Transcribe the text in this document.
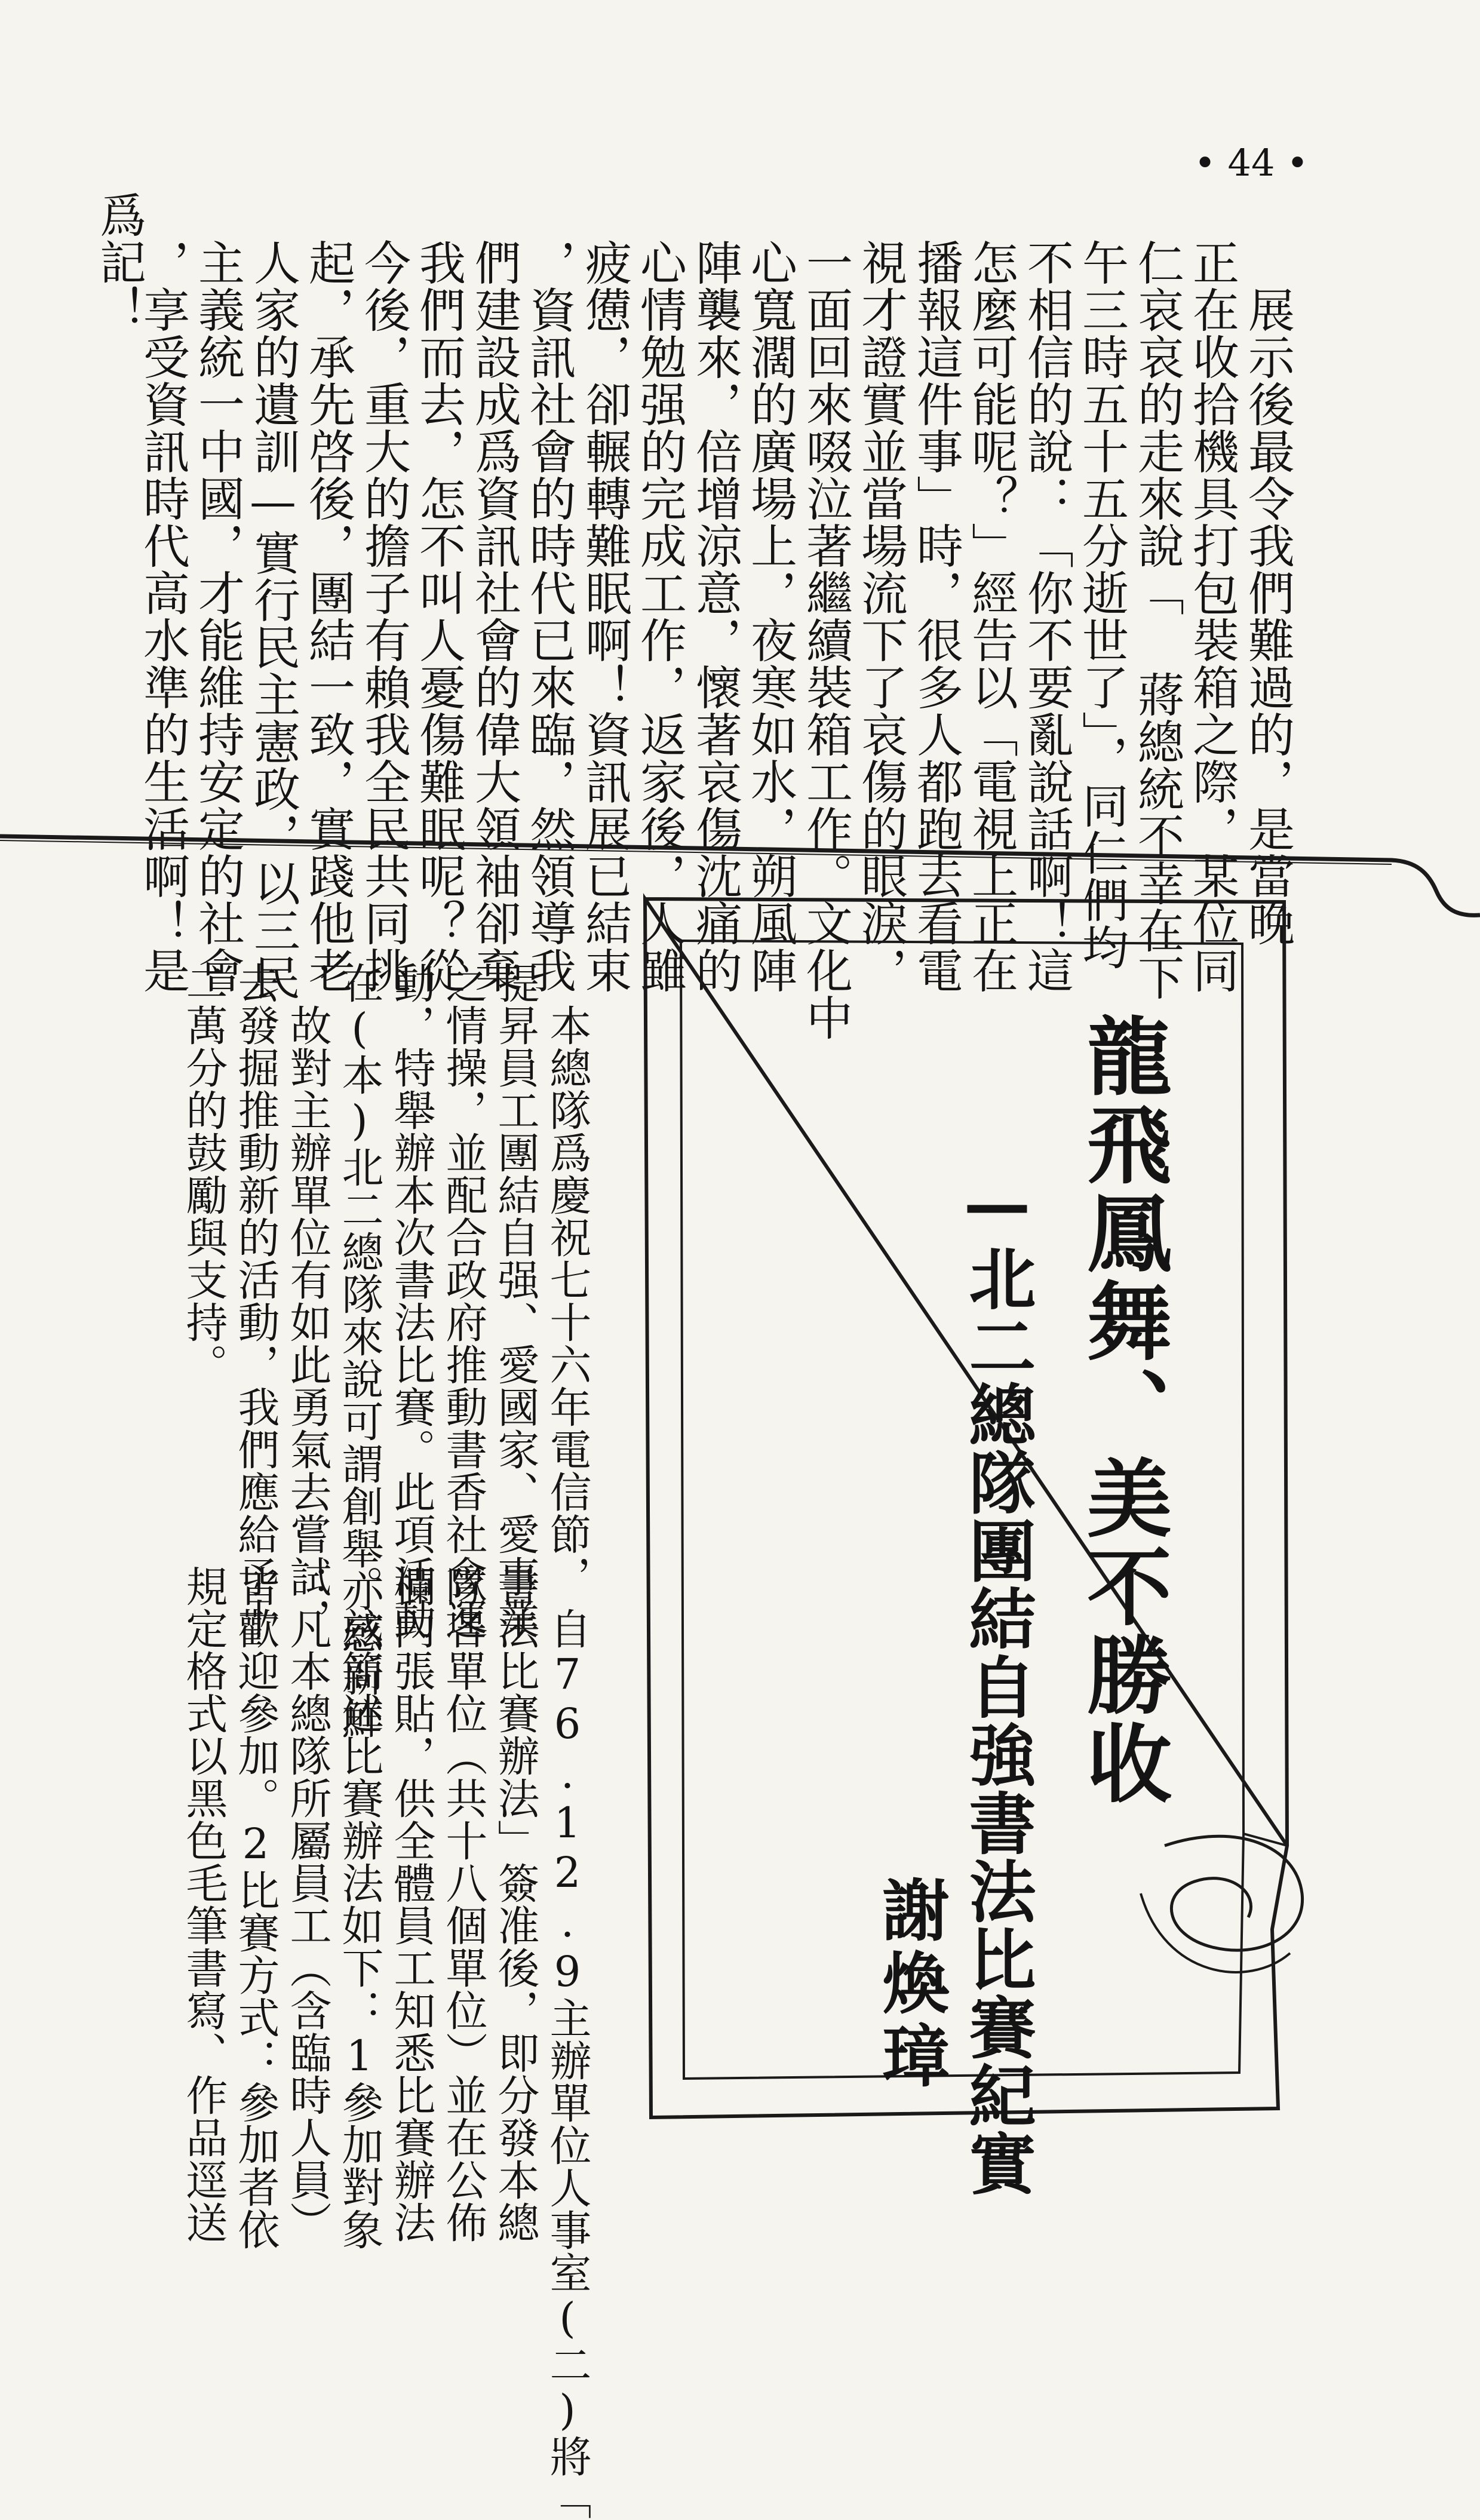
• 44 •
　展示後最令我們難過的，是當晚
正在收拾機具打包裝箱之際，某位同
仁哀哀的走來說「 蔣總統不幸在下
午三時五十五分逝世了」，同仁們均
不相信的說：「你不要亂說話啊！這
怎麼可能呢？」經告以「電視上正在
播報這件事」時，很多人都跑去看電
視才證實並當場流下了哀傷的眼淚，
一面回來啜泣著繼續裝箱工作。文化中
心寬濶的廣場上，夜寒如水，朔風陣
陣襲來，倍增涼意，懷著哀傷沈痛的
心情勉强的完成工作，返家後，人雖
疲憊，卻輾轉難眠啊！資訊展已結束
，資訊社會的時代已來臨，然領導我
們建設成爲資訊社會的偉大領袖卻棄
我們而去，怎不叫人憂傷難眠呢？從
今後，重大的擔子有賴我全民共同挑
起，承先啓後，團結一致，實踐他老
人家的遺訓—實行民主憲政，以三民
主義統一中國，才能維持安定的社會
，享受資訊時代高水準的生活啊！是
爲記！
龍飛鳳舞、美不勝收
—北二總隊團結自強書法比賽紀實
謝煥璋
　本總隊爲慶祝七十六年電信節，
提昇員工團結自强、愛國家、愛事業
之情操，並配合政府推動書香社會運
動，特舉辦本次書法比賽。此項活動
在(本)北二總隊來說可謂創舉亦感新鮮
，故對主辦單位有如此勇氣去嘗試，
去發掘推動新的活動，我們應給予十
二萬分的鼓勵與支持。
　自76.12.9主辦單位人事室(二)將「
書法比賽辦法」簽准後，即分發本總
隊各單位（共十八個單位）並在公佈
欄內張貼，供全體員工知悉比賽辦法
。玆簡述比賽辦法如下：1參加對象
：凡本總隊所屬員工（含臨時人員）
皆歡迎參加。2比賽方式：參加者依
規定格式以黑色毛筆書寫、作品逕送
